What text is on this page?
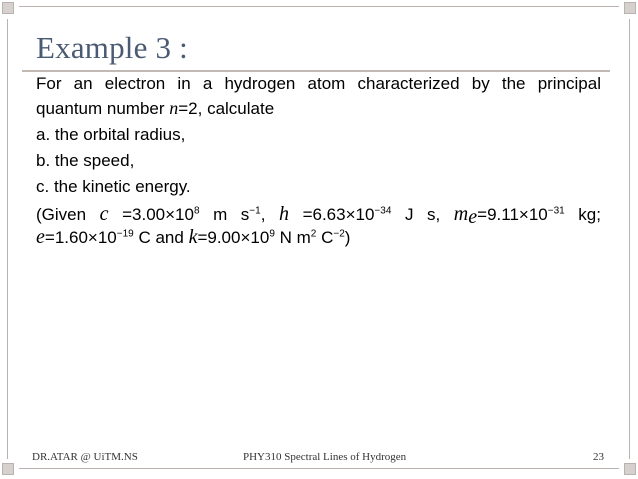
Example 3 :
For an electron in a hydrogen atom characterized by the principal
quantum number n=2, calculate
a. the orbital radius,
b. the speed,
c. the kinetic energy.
(Given $c =3.00\times 10^8$ m $s^{-1}$, $h =6.63\times 10^{-34}$ J s, $m_e=9.11\times 10^{-31}$ kg;
$e=1.60\times 10^{-19}$ C and $k=9.00\times 10^9$ N $m^2$ $C^{-2}$)
DR.ATAR @ UiTM.NS	PHY310 Spectral Lines of Hydrogen	23
